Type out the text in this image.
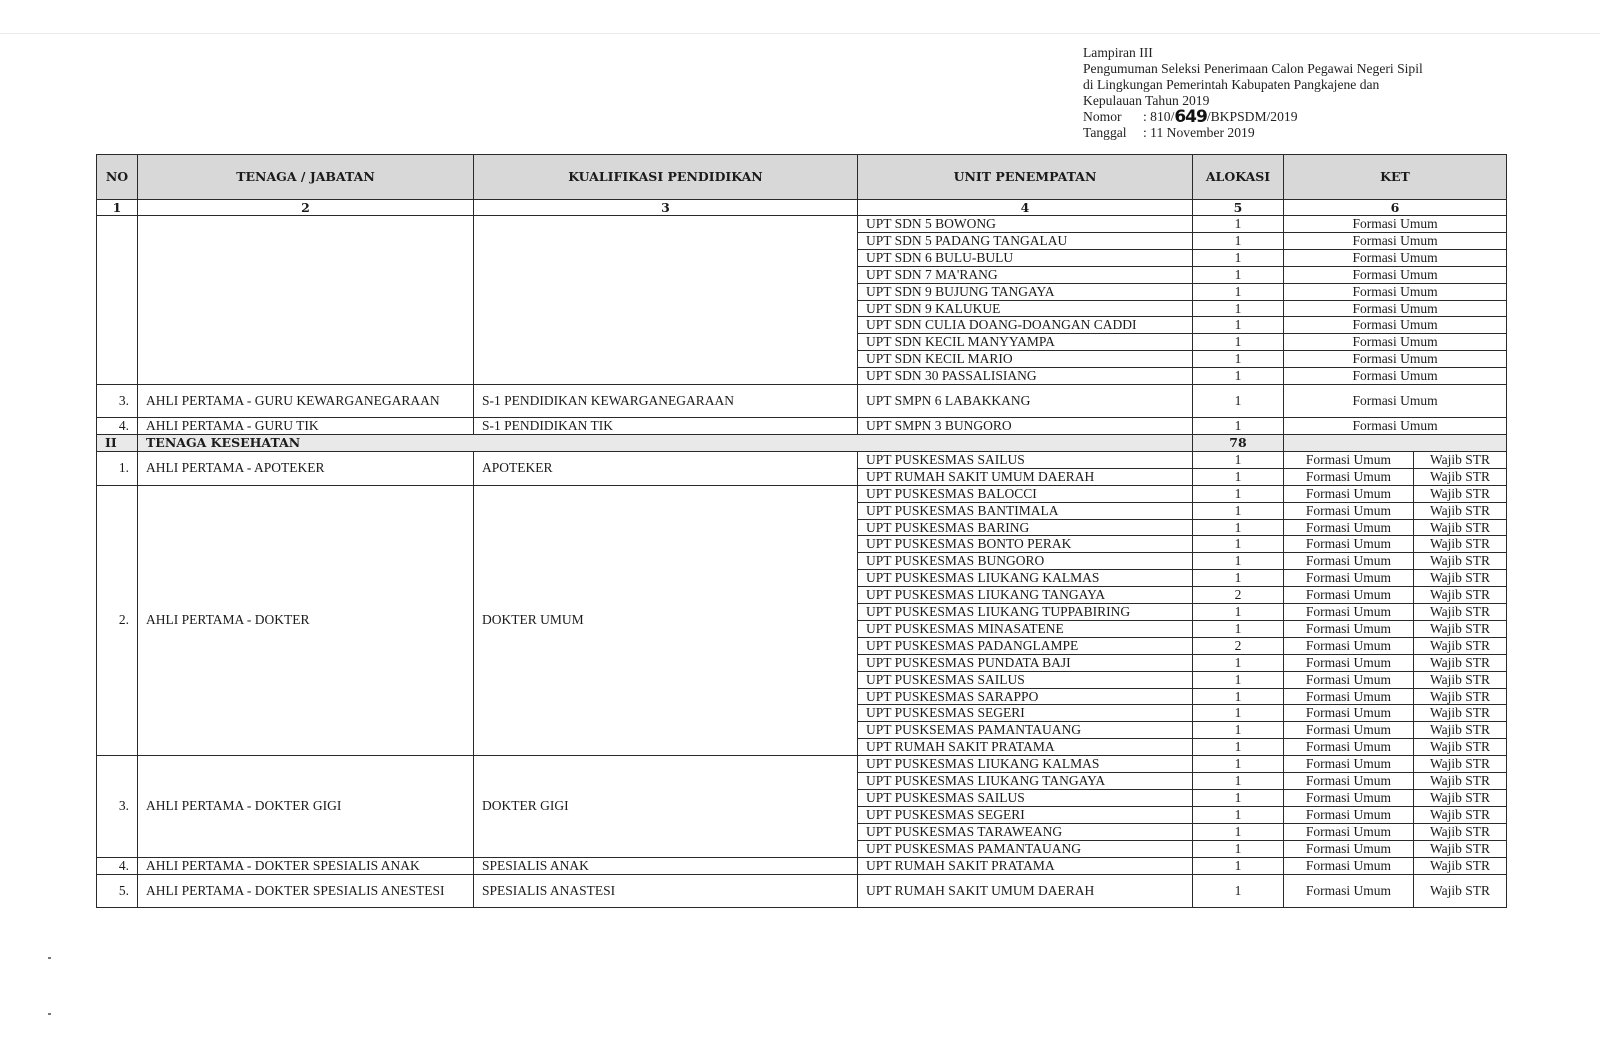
Lampiran III
Pengumuman Seleksi Penerimaan Calon Pegawai Negeri Sipil
di Lingkungan Pemerintah Kabupaten Pangkajene dan
Kepulauan Tahun 2019
Nomor	: 810/ 649 /BKPSDM/2019
Tanggal	: 11 November 2019
NO	TENAGA / JABATAN	KUALIFIKASI PENDIDIKAN	UNIT PENEMPATAN	ALOKASI	KET	
1	2	3	4	5	6	
			UPT SDN 5 BOWONG	1	Formasi Umum	
			UPT SDN 5 PADANG TANGALAU	1	Formasi Umum	
			UPT SDN 6 BULU-BULU	1	Formasi Umum	
			UPT SDN 7 MA'RANG	1	Formasi Umum	
			UPT SDN 9 BUJUNG TANGAYA	1	Formasi Umum	
			UPT SDN 9 KALUKUE	1	Formasi Umum	
			UPT SDN CULIA DOANG-DOANGAN CADDI	1	Formasi Umum	
			UPT SDN KECIL MANYYAMPA	1	Formasi Umum	
			UPT SDN KECIL MARIO	1	Formasi Umum	
			UPT SDN 30 PASSALISIANG	1	Formasi Umum	
3.	AHLI PERTAMA - GURU KEWARGANEGARAAN	S-1 PENDIDIKAN KEWARGANEGARAAN	UPT SMPN 6 LABAKKANG	1	Formasi Umum	
4.	AHLI PERTAMA - GURU TIK	S-1 PENDIDIKAN TIK	UPT SMPN 3 BUNGORO	1	Formasi Umum	
II	TENAGA KESEHATAN			78		
1.	AHLI PERTAMA - APOTEKER	APOTEKER	UPT PUSKESMAS SAILUS	1	Formasi Umum	Wajib STR
			UPT RUMAH SAKIT UMUM DAERAH	1	Formasi Umum	Wajib STR
2.	AHLI PERTAMA - DOKTER	DOKTER UMUM	UPT PUSKESMAS BALOCCI	1	Formasi Umum	Wajib STR
			UPT PUSKESMAS BANTIMALA	1	Formasi Umum	Wajib STR
			UPT PUSKESMAS BARING	1	Formasi Umum	Wajib STR
			UPT PUSKESMAS BONTO PERAK	1	Formasi Umum	Wajib STR
			UPT PUSKESMAS BUNGORO	1	Formasi Umum	Wajib STR
			UPT PUSKESMAS LIUKANG KALMAS	1	Formasi Umum	Wajib STR
			UPT PUSKESMAS LIUKANG TANGAYA	2	Formasi Umum	Wajib STR
			UPT PUSKESMAS LIUKANG TUPPABIRING	1	Formasi Umum	Wajib STR
			UPT PUSKESMAS MINASATENE	1	Formasi Umum	Wajib STR
			UPT PUSKESMAS PADANGLAMPE	2	Formasi Umum	Wajib STR
			UPT PUSKESMAS PUNDATA BAJI	1	Formasi Umum	Wajib STR
			UPT PUSKESMAS SAILUS	1	Formasi Umum	Wajib STR
			UPT PUSKESMAS SARAPPO	1	Formasi Umum	Wajib STR
			UPT PUSKESMAS SEGERI	1	Formasi Umum	Wajib STR
			UPT PUSKSEMAS PAMANTAUANG	1	Formasi Umum	Wajib STR
			UPT RUMAH SAKIT PRATAMA	1	Formasi Umum	Wajib STR
3.	AHLI PERTAMA - DOKTER GIGI	DOKTER GIGI	UPT PUSKESMAS LIUKANG KALMAS	1	Formasi Umum	Wajib STR
			UPT PUSKESMAS LIUKANG TANGAYA	1	Formasi Umum	Wajib STR
			UPT PUSKESMAS SAILUS	1	Formasi Umum	Wajib STR
			UPT PUSKESMAS SEGERI	1	Formasi Umum	Wajib STR
			UPT PUSKESMAS TARAWEANG	1	Formasi Umum	Wajib STR
			UPT PUSKESMAS PAMANTAUANG	1	Formasi Umum	Wajib STR
4.	AHLI PERTAMA - DOKTER SPESIALIS ANAK	SPESIALIS ANAK	UPT RUMAH SAKIT PRATAMA	1	Formasi Umum	Wajib STR
5.	AHLI PERTAMA - DOKTER SPESIALIS ANESTESI	SPESIALIS ANASTESI	UPT RUMAH SAKIT UMUM DAERAH	1	Formasi Umum	Wajib STR
